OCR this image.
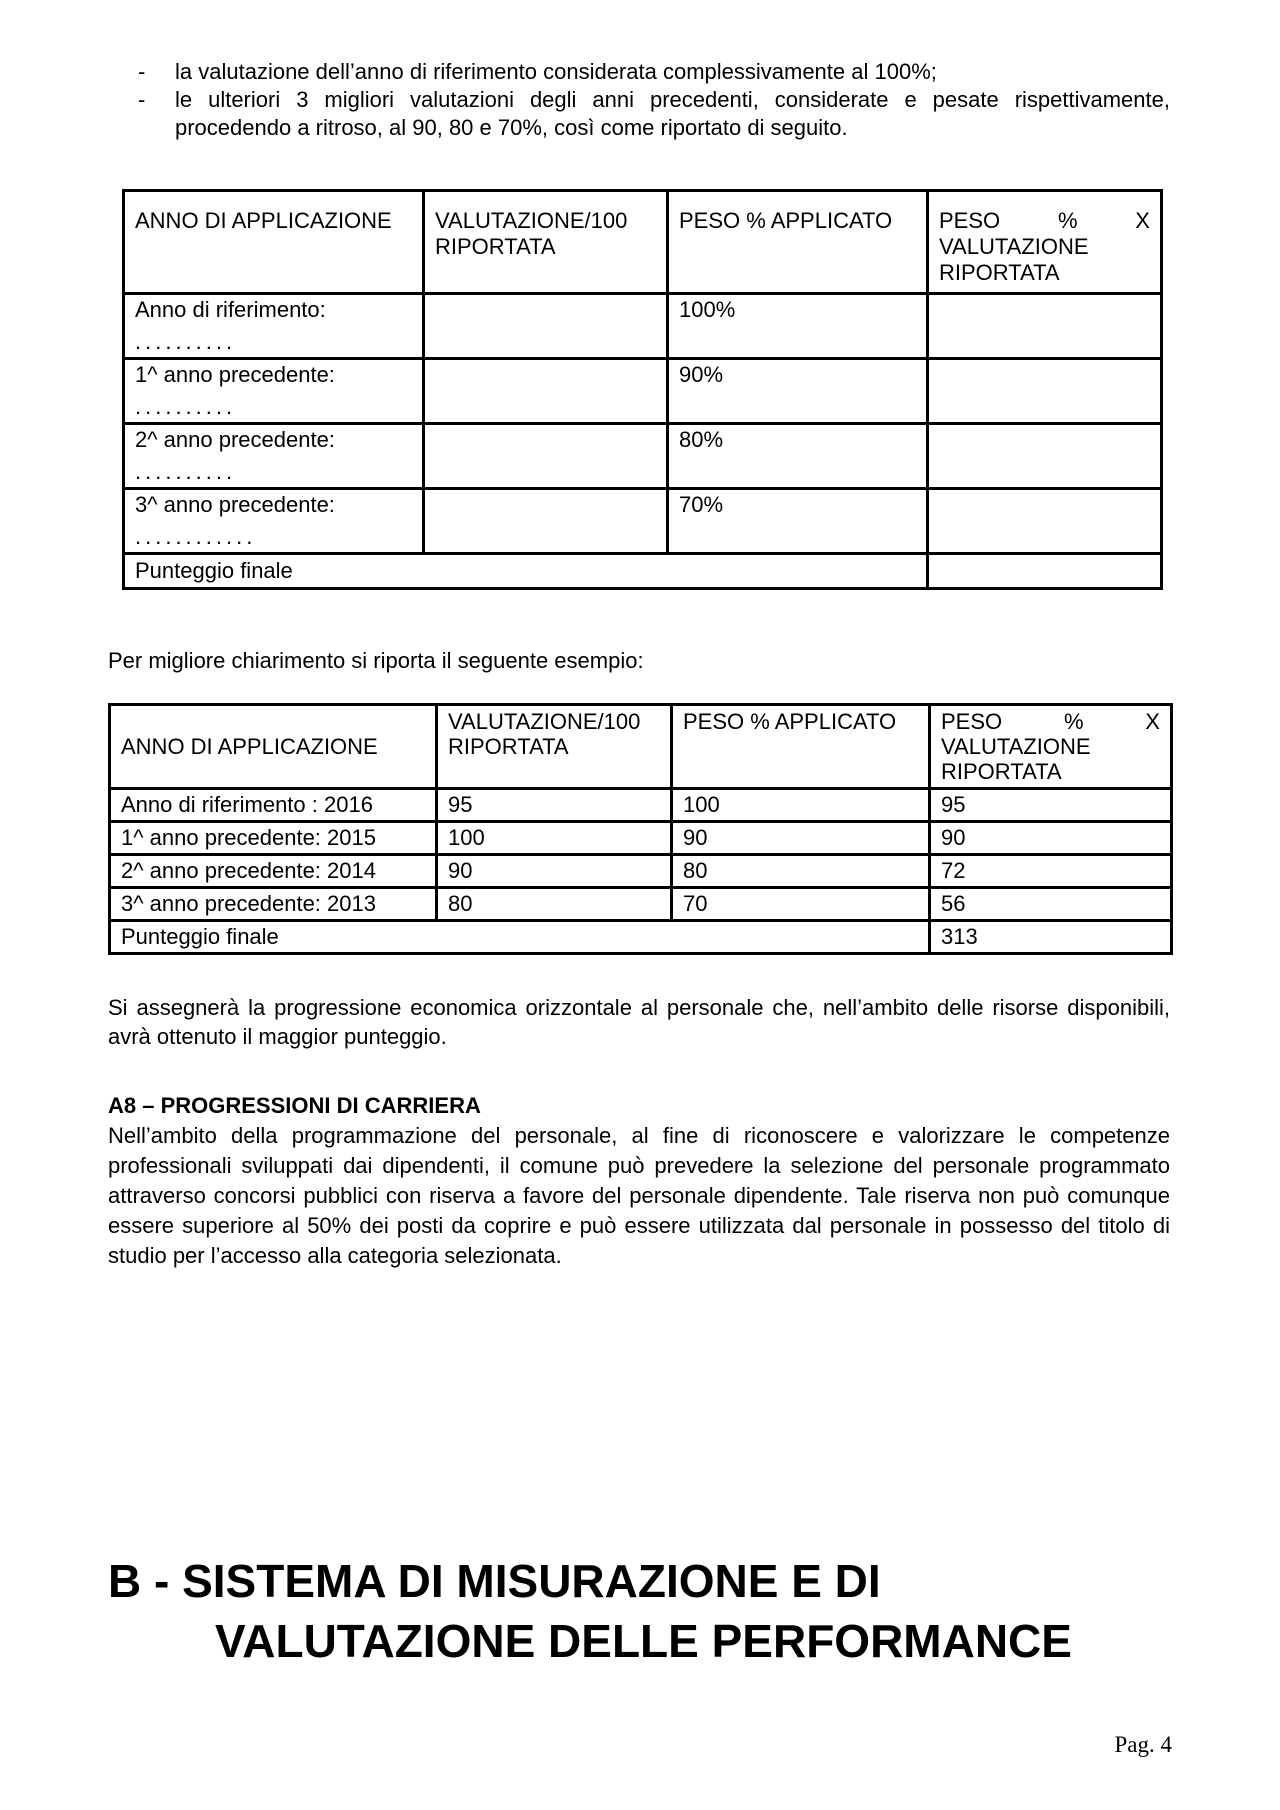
-	la valutazione dell’anno di riferimento considerata complessivamente al 100%;
-	le ulteriori 3 migliori valutazioni degli anni precedenti, considerate e pesate rispettivamente, procedendo a ritroso, al 90, 80 e 70%, così come riportato di seguito.
ANNO DI APPLICAZIONE	VALUTAZIONE/100 RIPORTATA	PESO % APPLICATO	PESO % X
VALUTAZIONE RIPORTATA

Anno di riferimento:
..........		100%	

1^ anno precedente:
..........		90%	

2^ anno precedente:
..........		80%	

3^ anno precedente:
............		70%	
Punteggio finale			

Per migliore chiarimento si riporta il seguente esempio:

ANNO DI APPLICAZIONE	VALUTAZIONE/100 RIPORTATA	PESO % APPLICATO	PESO % X
VALUTAZIONE RIPORTATA

Anno di riferimento : 2016	95	100	95
1^ anno precedente: 2015	100	90	90
2^ anno precedente: 2014	90	80	72
3^ anno precedente: 2013	80	70	56
Punteggio finale			313

Si assegnerà la progressione economica orizzontale al personale che, nell’ambito delle risorse disponibili, avrà ottenuto il maggior punteggio.

A8 – PROGRESSIONI DI CARRIERA

Nell’ambito della programmazione del personale, al fine di riconoscere e valorizzare le competenze professionali sviluppati dai dipendenti, il comune può prevedere la selezione del personale programmato attraverso concorsi pubblici con riserva a favore del personale dipendente. Tale riserva non può comunque essere superiore al 50% dei posti da coprire e può essere utilizzata dal personale in possesso del titolo di studio per l’accesso alla categoria selezionata.

B - SISTEMA DI MISURAZIONE E DI
VALUTAZIONE DELLE PERFORMANCE
Pag. 4
